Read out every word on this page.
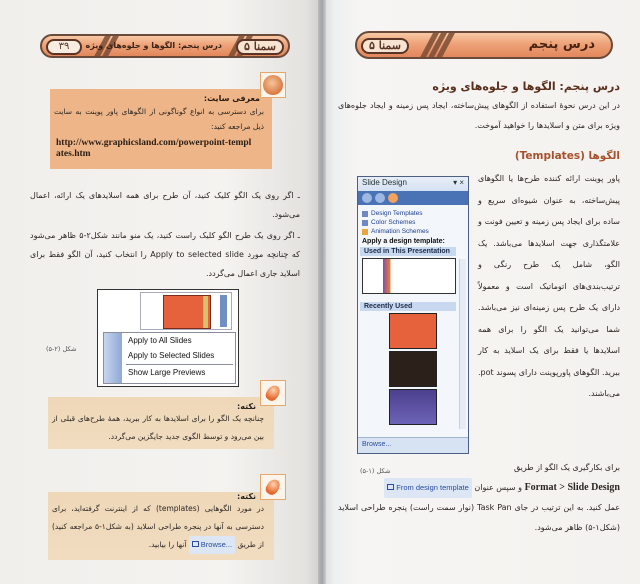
۳۹	درس پنجم: الگوها و جلوه‌های ویژه	سمنا ۵	سمنا ۵	درس پنجم
معرفی سایت:
برای دسترسی به انواع گوناگونی از الگوهای پاور پوینت به سایت ذیل مراجعه کنید:
http://www.graphicsland.com/powerpoint-templates.htm
ـ اگر روی یک الگو کلیک کنید، آن طرح برای همه اسلایدهای یک ارائه، اعمال می‌شود.
ـ اگر روی یک طرح الگو کلیک راست کنید، یک منو مانند شکل۲-۵ ظاهر می‌شود که چنانچه مورد Apply to selected slide را انتخاب کنید، آن الگو فقط برای اسلاید جاری اعمال می‌گردد.
Apply to All Slides
Apply to Selected Slides
Show Large Previews
شکل (۲-۵)
نکته:
چنانچه یک الگو را برای اسلایدها به کار ببرید، همهٔ طرح‌های قبلی از بین می‌رود و توسط الگوی جدید جایگزین می‌گردد.
نکته:
در مورد الگوهایی (templates) که از اینترنت گرفته‌اید، برای دسترسی به آنها در پنجره طراحی اسلاید (به شکل۱-۵ مراجعه کنید) از طریق Browse... آنها را بیابید.
درس پنجم: الگوها و جلوه‌های ویژه
در این درس نحوهٔ استفاده از الگوهای پیش‌ساخته، ایجاد پس زمینه و ایجاد جلوه‌های ویژه برای متن و اسلایدها را خواهید آموخت.
الگوها (Templates)
پاور پوینت ارائه کننده طرح‌ها یا الگوهای پیش‌ساخته، به عنوان شیوه‌ای سریع و ساده برای ایجاد پس زمینه و تعیین فونت و علامتگذاری جهت اسلایدها می‌باشد. یک الگو، شامل یک طرح رنگی و ترتیب‌بندی‌های اتوماتیک است و معمولاً دارای یک طرح پس زمینه‌ای نیز می‌باشد. شما می‌توانید یک الگو را برای همه اسلایدها یا فقط برای یک اسلاید به کار ببرید. الگوهای پاورپوینت دارای پسوند pot. می‌باشند.
Slide Design	▾ ×
Design Templates
Color Schemes
Animation Schemes
Apply a design template:
Used in This Presentation
Recently Used
Browse...
شکل (۱-۵)	برای بکارگیری یک الگو از طریق
Format > Slide Design و سپس عنوان From design template
عمل کنید. به این ترتیب در جای Task Pan (نوار سمت راست) پنجره طراحی اسلاید (شکل۱-۵) ظاهر می‌شود.
